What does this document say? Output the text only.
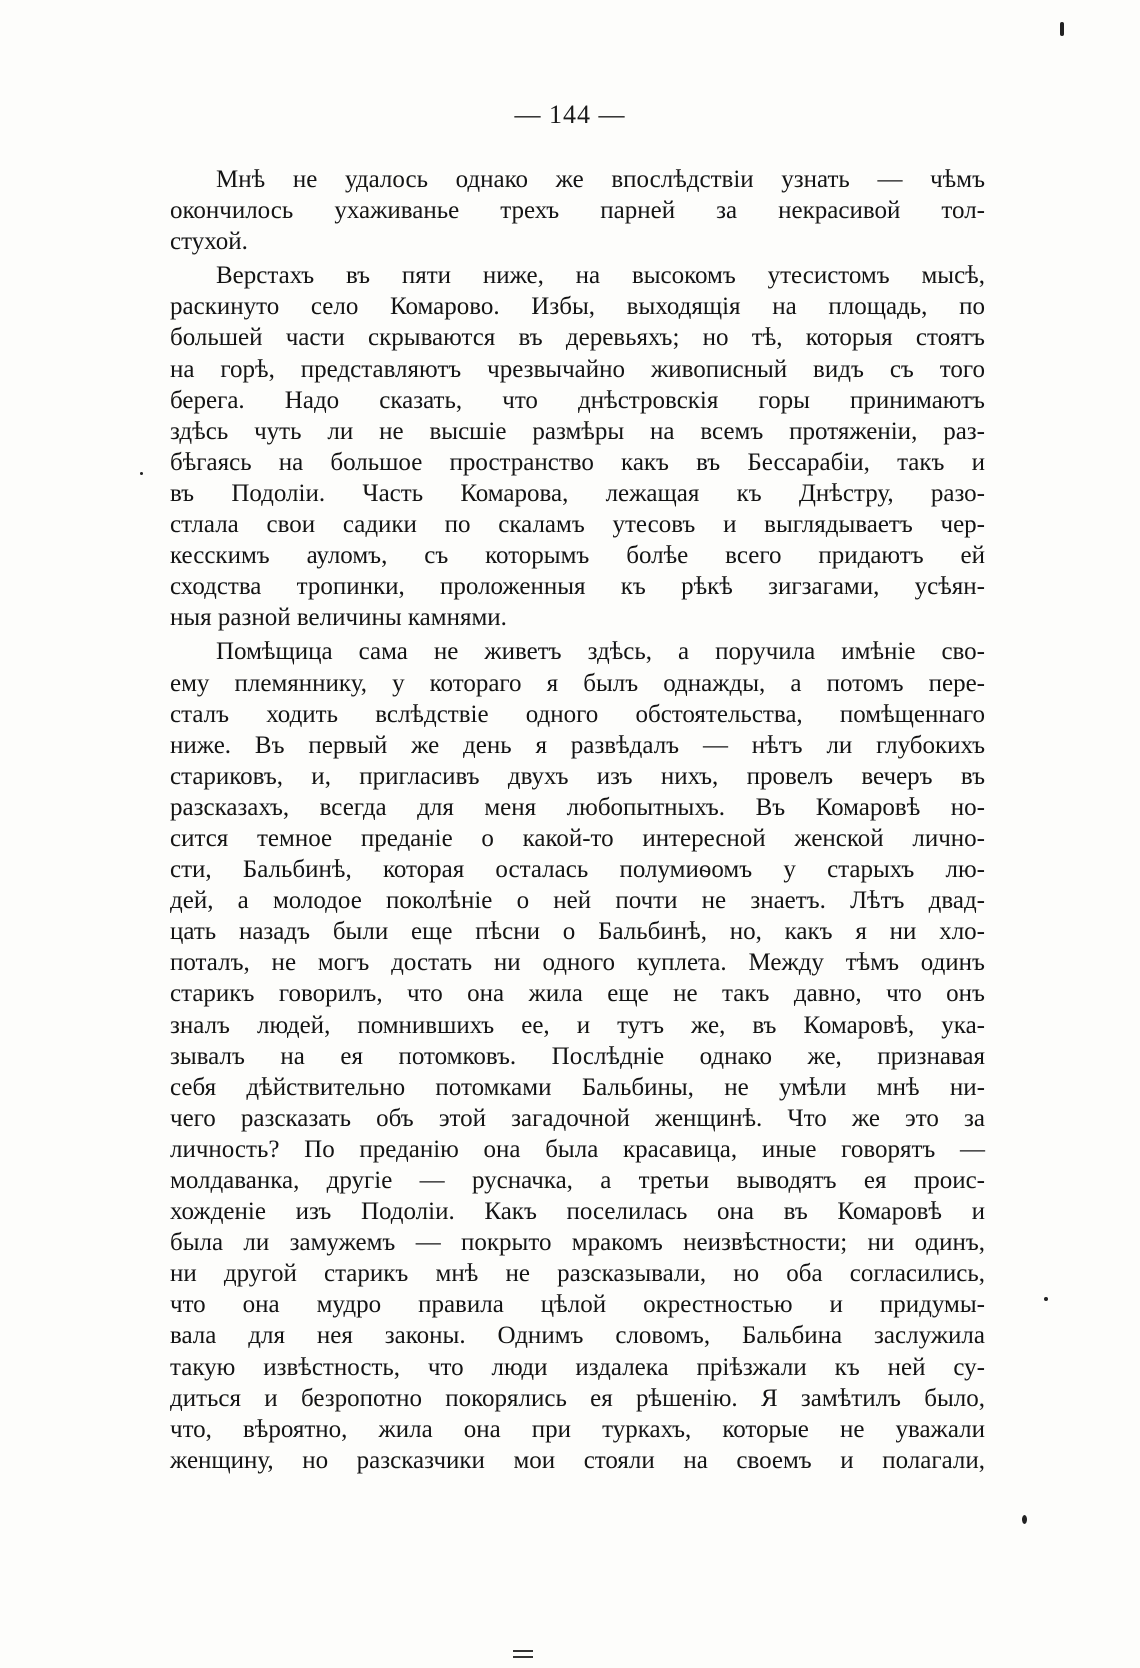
— 144 —
Мнѣ не удалось однако же впослѣдствіи узнать — чѣмъ
окончилось ухаживанье трехъ парней за некрасивой тол-
стухой.
Верстахъ въ пяти ниже, на высокомъ утесистомъ мысѣ,
раскинуто село Комарово. Избы, выходящія на площадь, по
большей части скрываются въ деревьяхъ; но тѣ, которыя стоятъ
на горѣ, представляютъ чрезвычайно живописный видъ съ того
берега. Надо сказать, что днѣстровскія горы принимаютъ
здѣсь чуть ли не высшіе размѣры на всемъ протяженіи, раз-
бѣгаясь на большое пространство какъ въ Бессарабіи, такъ и
въ Подоліи. Часть Комарова, лежащая къ Днѣстру, разо-
стлала свои садики по скаламъ утесовъ и выглядываетъ чер-
кесскимъ ауломъ, съ которымъ болѣе всего придаютъ ей
сходства тропинки, проложенныя къ рѣкѣ зигзагами, усѣян-
ныя разной величины камнями.
Помѣщица сама не живетъ здѣсь, а поручила имѣніе сво-
ему племяннику, у котораго я былъ однажды, а потомъ пере-
сталъ ходить вслѣдствіе одного обстоятельства, помѣщеннаго
ниже. Въ первый же день я развѣдалъ — нѣтъ ли глубокихъ
стариковъ, и, пригласивъ двухъ изъ нихъ, провелъ вечеръ въ
разсказахъ, всегда для меня любопытныхъ. Въ Комаровѣ но-
сится темное преданіе о какой-то интересной женской лично-
сти, Бальбинѣ, которая осталась полумиѳомъ у старыхъ лю-
дей, а молодое поколѣніе о ней почти не знаетъ. Лѣтъ двад-
цать назадъ были еще пѣсни о Бальбинѣ, но, какъ я ни хло-
поталъ, не могъ достать ни одного куплета. Между тѣмъ одинъ
старикъ говорилъ, что она жила еще не такъ давно, что онъ
зналъ людей, помнившихъ ее, и тутъ же, въ Комаровѣ, ука-
зывалъ на ея потомковъ. Послѣдніе однако же, признавая
себя дѣйствительно потомками Бальбины, не умѣли мнѣ ни-
чего разсказать объ этой загадочной женщинѣ. Что же это за
личность? По преданію она была красавица, иные говорятъ —
молдаванка, другіе — русначка, а третьи выводятъ ея проис-
хожденіе изъ Подоліи. Какъ поселилась она въ Комаровѣ и
была ли замужемъ — покрыто мракомъ неизвѣстности; ни одинъ,
ни другой старикъ мнѣ не разсказывали, но оба согласились,
что она мудро правила цѣлой окрестностью и придумы-
вала для нея законы. Однимъ словомъ, Бальбина заслужила
такую извѣстность, что люди издалека пріѣзжали къ ней су-
диться и безропотно покорялись ея рѣшенію. Я замѣтилъ было,
что, вѣроятно, жила она при туркахъ, которые не уважали
женщину, но разсказчики мои стояли на своемъ и полагали,
